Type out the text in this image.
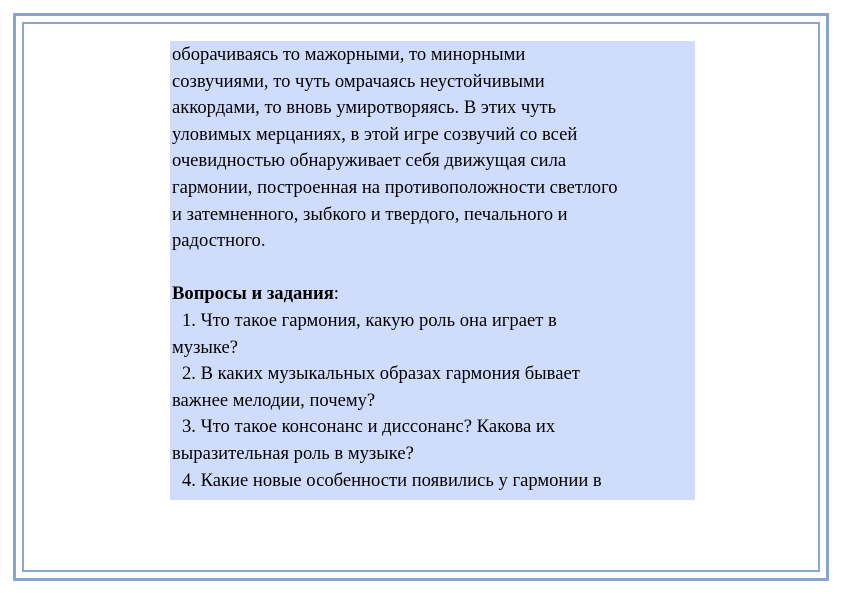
оборачиваясь то мажорными, то минорными
созвучиями, то чуть омрачаясь неустойчивыми
аккордами, то вновь умиротворяясь. В этих чуть
уловимых мерцаниях, в этой игре созвучий со всей
очевидностью обнаруживает себя движущая сила
гармонии, построенная на противоположности светлого
и затемненного, зыбкого и твердого, печального и
радостного.
Вопросы и задания:
1. Что такое гармония, какую роль она играет в
музыке?
2. В каких музыкальных образах гармония бывает
важнее мелодии, почему?
3. Что такое консонанс и диссонанс? Какова их
выразительная роль в музыке?
4. Какие новые особенности появились у гармонии в
